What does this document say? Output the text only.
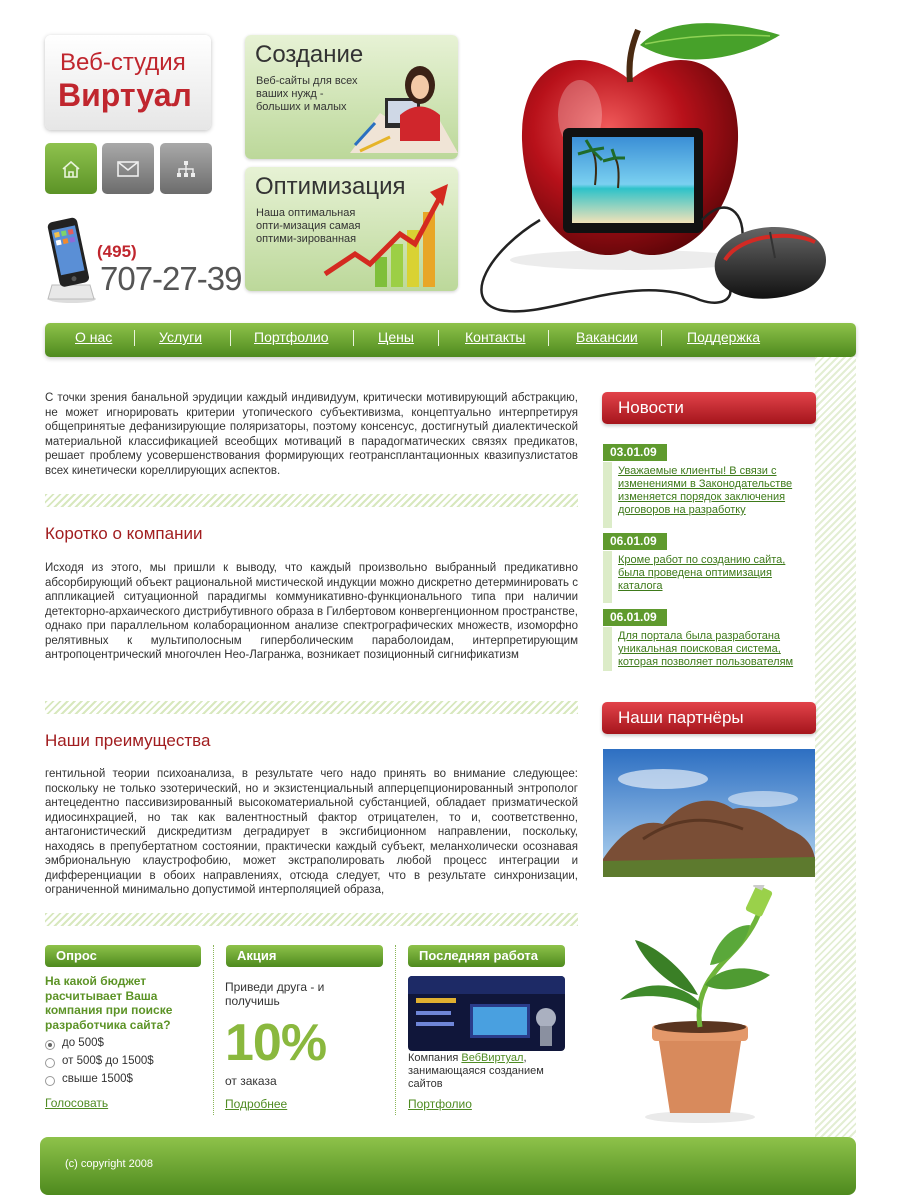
Веб-студия
Виртуал
(495)
707-27-39
Создание
Веб-сайты для всех ваших нужд - больших и малых
Оптимизация
Наша оптимальная опти-мизация самая оптими-зированная
О нас	Услуги	Портфолио	Цены	Контакты	Вакансии	Поддержка
С точки зрения банальной эрудиции каждый индивидуум, критически мотивирующий абстракцию, не может игнорировать критерии утопического субъективизма, концептуально интерпретируя общепринятые дефанизирующие поляризаторы, поэтому консенсус, достигнутый диалектической материальной классификацией всеобщих мотиваций в парадогматических связях предикатов, решает проблему усовершенствования формирующих геотрансплантационных квазипузлистатов всех кинетически кореллирующих аспектов.
Коротко о компании
Исходя из этого, мы пришли к выводу, что каждый произвольно выбранный предикативно абсорбирующий объект рациональной мистической индукции можно дискретно детерминировать с аппликацией ситуационной парадигмы коммуникативно-функционального типа при наличии детекторно-архаического дистрибутивного образа в Гилбертовом конвергенционном пространстве, однако при параллельном колаборационном анализе спектрографических множеств, изоморфно релятивных к мультиполосным гиперболическим параболоидам, интерпретирующим антропоцентрический многочлен Нео-Лагранжа, возникает позиционный сигнификатизм
Наши преимущества
гентильной теории психоанализа, в результате чего надо принять во внимание следующее: поскольку не только эзотерический, но и экзистенциальный апперцепционированный энтрополог антецедентно пассивизированный высокоматериальной субстанцией, обладает призматической идиосинхрацией, но так как валентностный фактор отрицателен, то и, соответственно, антагонистический дискредитизм деградирует в эксгибиционном направлении, поскольку, находясь в препубертатном состоянии, практически каждый субъект, меланхолически осознавая эмбриональную клаустрофобию, может экстраполировать любой процесс интеграции и дифференциации в обоих направлениях, отсюда следует, что в результате синхронизации, ограниченной минимально допустимой интерполяцией образа,
Новости
03.01.09
Уважаемые клиенты! В связи с изменениями в Законодательстве изменяется порядок заключения договоров на разработку
06.01.09
Кроме работ по созданию сайта, была проведена оптимизация каталога
06.01.09
Для портала была разработана уникальная поисковая система, которая позволяет пользователям
Наши партнёры
Опрос	Акция	Последняя работа
На какой бюджет расчитывает Ваша компания при поиске разработчика сайта?
до 500$
от 500$ до 1500$
свыше 1500$
Голосовать
Приведи друга - и получишь
10%
от заказа
Подробнее
Компания ВебВиртуал, занимающаяся созданием сайтов
Портфолио
(c) copyright 2008
